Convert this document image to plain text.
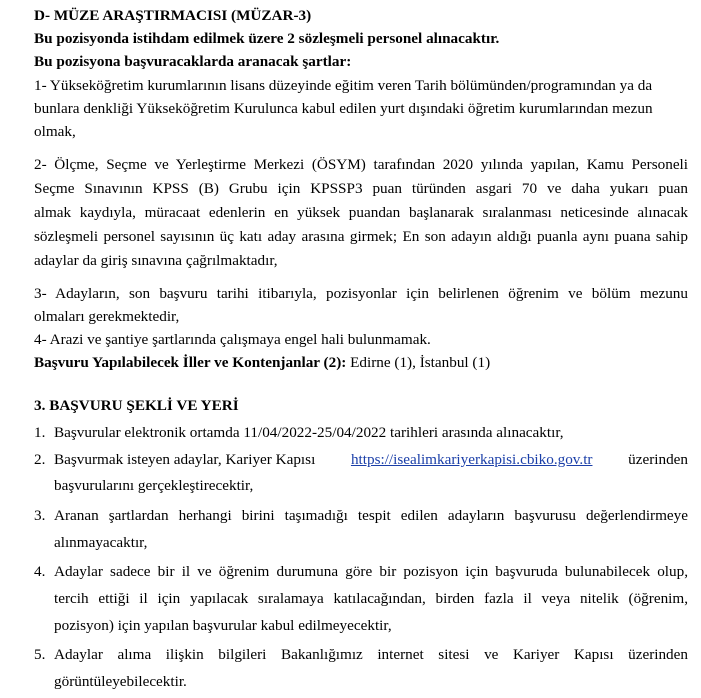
D- MÜZE ARAŞTIRMACISI (MÜZAR-3)
Bu pozisyonda istihdam edilmek üzere 2 sözleşmeli personel alınacaktır.
Bu pozisyona başvuracaklarda aranacak şartlar:
1- Yükseköğretim kurumlarının lisans düzeyinde eğitim veren Tarih bölümünden/programından ya da
bunlara denkliği Yükseköğretim Kurulunca kabul edilen yurt dışındaki öğretim kurumlarından mezun
olmak,
2- Ölçme, Seçme ve Yerleştirme Merkezi (ÖSYM) tarafından 2020 yılında yapılan, Kamu Personeli
Seçme Sınavının KPSS (B) Grubu için KPSSP3 puan türünden asgari 70 ve daha yukarı puan
almak kaydıyla, müracaat edenlerin en yüksek puandan başlanarak sıralanması neticesinde alınacak
sözleşmeli personel sayısının üç katı aday arasına girmek; En son adayın aldığı puanla aynı puana sahip
adaylar da giriş sınavına çağrılmaktadır,
3- Adayların, son başvuru tarihi itibarıyla, pozisyonlar için belirlenen öğrenim ve bölüm mezunu
olmaları gerekmektedir,
4- Arazi ve şantiye şartlarında çalışmaya engel hali bulunmamak.
Başvuru Yapılabilecek İller ve Kontenjanlar (2): Edirne (1), İstanbul (1)
3. BAŞVURU ŞEKLİ VE YERİ
1. Başvurular elektronik ortamda 11/04/2022-25/04/2022 tarihleri arasında alınacaktır,
2. Başvurmak isteyen adaylar, Kariyer Kapısı https://isealimkariyerkapisi.cbiko.gov.tr üzerinden
başvurularını gerçekleştirecektir,
3. Aranan şartlardan herhangi birini taşımadığı tespit edilen adayların başvurusu değerlendirmeye
alınmayacaktır,
4. Adaylar sadece bir il ve öğrenim durumuna göre bir pozisyon için başvuruda bulunabilecek olup,
tercih ettiği il için yapılacak sıralamaya katılacağından, birden fazla il veya nitelik (öğrenim,
pozisyon) için yapılan başvurular kabul edilmeyecektir,
5. Adaylar alıma ilişkin bilgileri Bakanlığımız internet sitesi ve Kariyer Kapısı üzerinden
görüntüleyebilecektir.
